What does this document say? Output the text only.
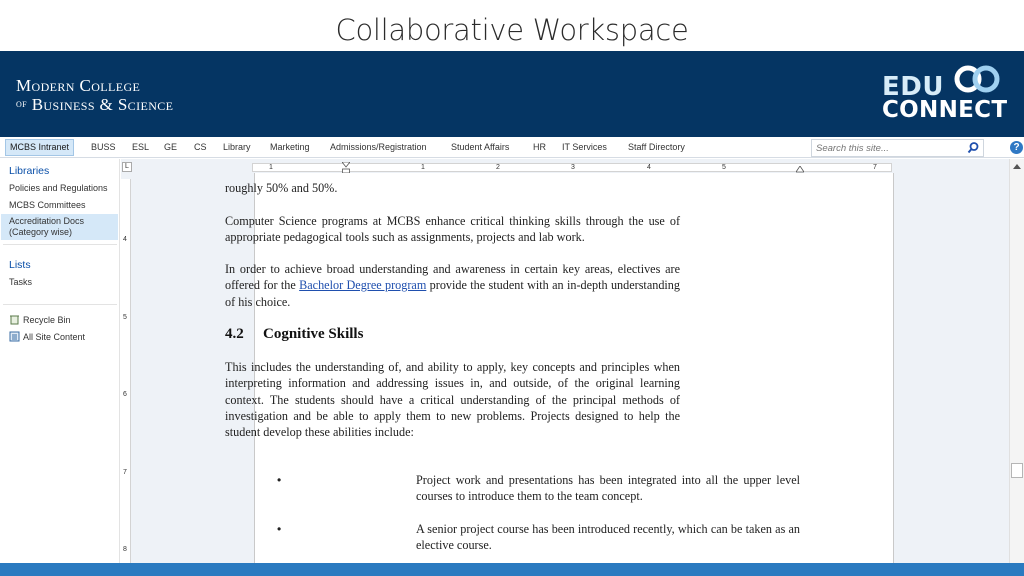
Collaborative Workspace
Modern College
of Business & Science
EDU
CONNECT
MCBS Intranet	BUSS	ESL	GE	CS	Library	Marketing	Admissions/Registration	Student Affairs	HR	IT Services	Staff Directory
Search this site...	?
Libraries
Policies and Regulations
MCBS Committees
Accreditation Docs
(Category wise)
Lists
Tasks
Recycle Bin
All Site Content
L	1	1	2	3	4	5	7
4
5
6
7
8
roughly 50% and 50%.
Computer Science programs at MCBS enhance critical thinking skills through the use of appropriate pedagogical tools such as assignments, projects and lab work.
In order to achieve broad understanding and awareness in certain key areas, electives are offered for the Bachelor Degree program provide the student with an in-depth understanding of his choice.
4.2 Cognitive Skills
This includes the understanding of, and ability to apply, key concepts and principles when interpreting information and addressing issues in, and outside, of the original learning context. The students should have a critical understanding of the principal methods of investigation and be able to apply them to new problems. Projects designed to help the student develop these abilities include:
•	Project work and presentations has been integrated into all the upper level courses to introduce them to the team concept.
•	A senior project course has been introduced recently, which can be taken as an elective course.
